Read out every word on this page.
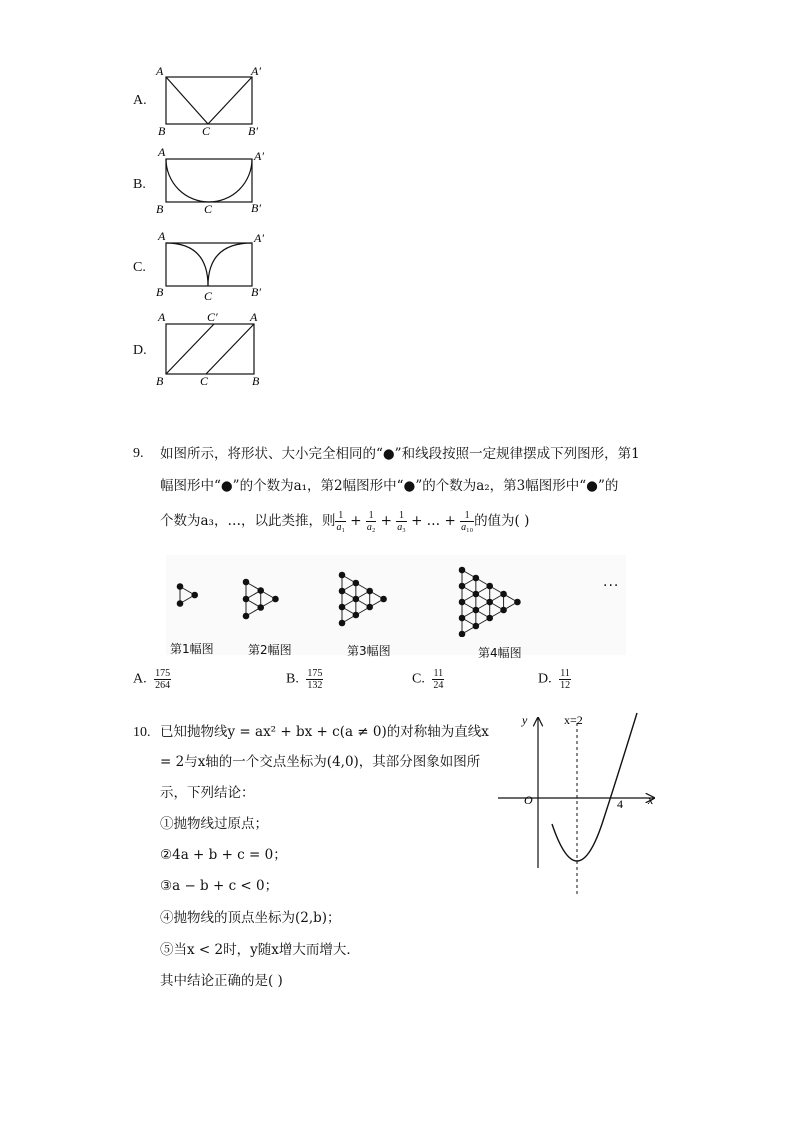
A.
A	A′
B	C	B′
B.
A	A′
B	C	B′
C.
A	A′
B	C	B′
D.
A	C′	A
B	C	B
9. 如图所示，将形状、大小完全相同的“●”和线段按照一定规律摆成下列图形，第1
幅图形中“●”的个数为a₁，第2幅图形中“●”的个数为a₂，第3幅图形中“●”的
个数为a₃，…，以此类推，则 $\frac{1}{\text{a₁}} + \frac{1}{\text{a₂}} + \frac{1}{\text{a₃}}$ + … + $\frac{1}{\text{a₁₀}}$ 的值为( )
第1幅图	第2幅图	第3幅图	第4幅图
···
A. $\frac{175}{264}$	B. $\frac{175}{132}$	C. $\frac{11}{24}$	D. $\frac{11}{12}$
10. 已知抛物线y = ax² + bx + c(a ≠ 0)的对称轴为直线x
= 2与x轴的一个交点坐标为(4,0)，其部分图象如图所
示，下列结论：
①抛物线过原点；
②4a + b + c = 0；
③a − b + c < 0；
④抛物线的顶点坐标为(2,b)；
⑤当x < 2时，y随x增大而增大．
其中结论正确的是( )
y
x
O
x=2
4
